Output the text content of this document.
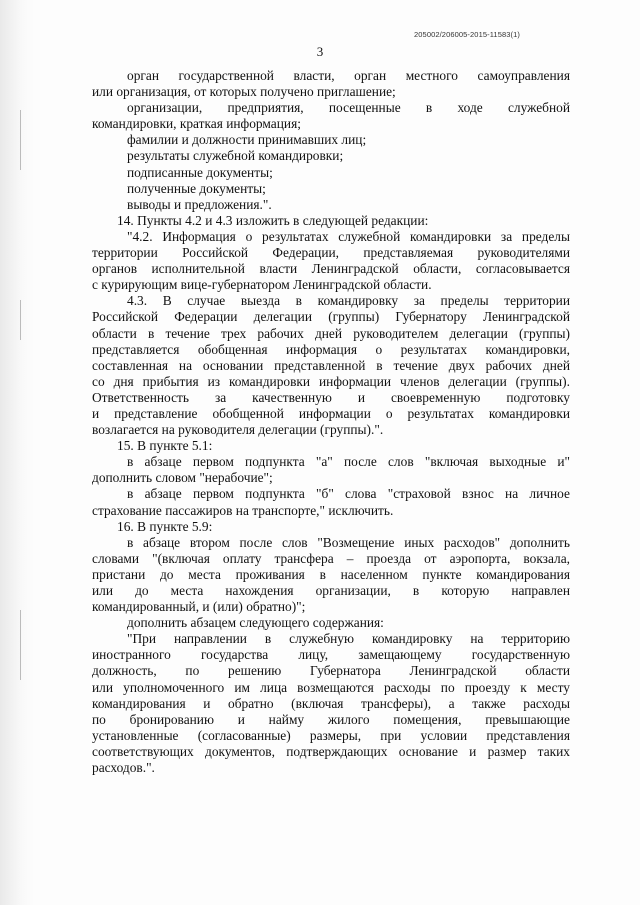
205002/206005-2015-11583(1)
3
орган государственной власти, орган местного самоуправления
или организация, от которых получено приглашение;
организации, предприятия, посещенные в ходе служебной
командировки, краткая информация;
фамилии и должности принимавших лиц;
результаты служебной командировки;
подписанные документы;
полученные документы;
выводы и предложения.".
14. Пункты 4.2 и 4.3 изложить в следующей редакции:
"4.2. Информация о результатах служебной командировки за пределы
территории Российской Федерации, представляемая руководителями
органов исполнительной власти Ленинградской области, согласовывается
с курирующим вице-губернатором Ленинградской области.
4.3. В случае выезда в командировку за пределы территории
Российской Федерации делегации (группы) Губернатору Ленинградской
области в течение трех рабочих дней руководителем делегации (группы)
представляется обобщенная информация о результатах командировки,
составленная на основании представленной в течение двух рабочих дней
со дня прибытия из командировки информации членов делегации (группы).
Ответственность за качественную и своевременную подготовку
и представление обобщенной информации о результатах командировки
возлагается на руководителя делегации (группы).".
15. В пункте 5.1:
в абзаце первом подпункта "а" после слов "включая выходные и"
дополнить словом "нерабочие";
в абзаце первом подпункта "б" слова "страховой взнос на личное
страхование пассажиров на транспорте," исключить.
16. В пункте 5.9:
в абзаце втором после слов "Возмещение иных расходов" дополнить
словами "(включая оплату трансфера – проезда от аэропорта, вокзала,
пристани до места проживания в населенном пункте командирования
или до места нахождения организации, в которую направлен
командированный, и (или) обратно)";
дополнить абзацем следующего содержания:
"При направлении в служебную командировку на территорию
иностранного государства лицу, замещающему государственную
должность, по решению Губернатора Ленинградской области
или уполномоченного им лица возмещаются расходы по проезду к месту
командирования и обратно (включая трансферы), а также расходы
по бронированию и найму жилого помещения, превышающие
установленные (согласованные) размеры, при условии представления
соответствующих документов, подтверждающих основание и размер таких
расходов.".
